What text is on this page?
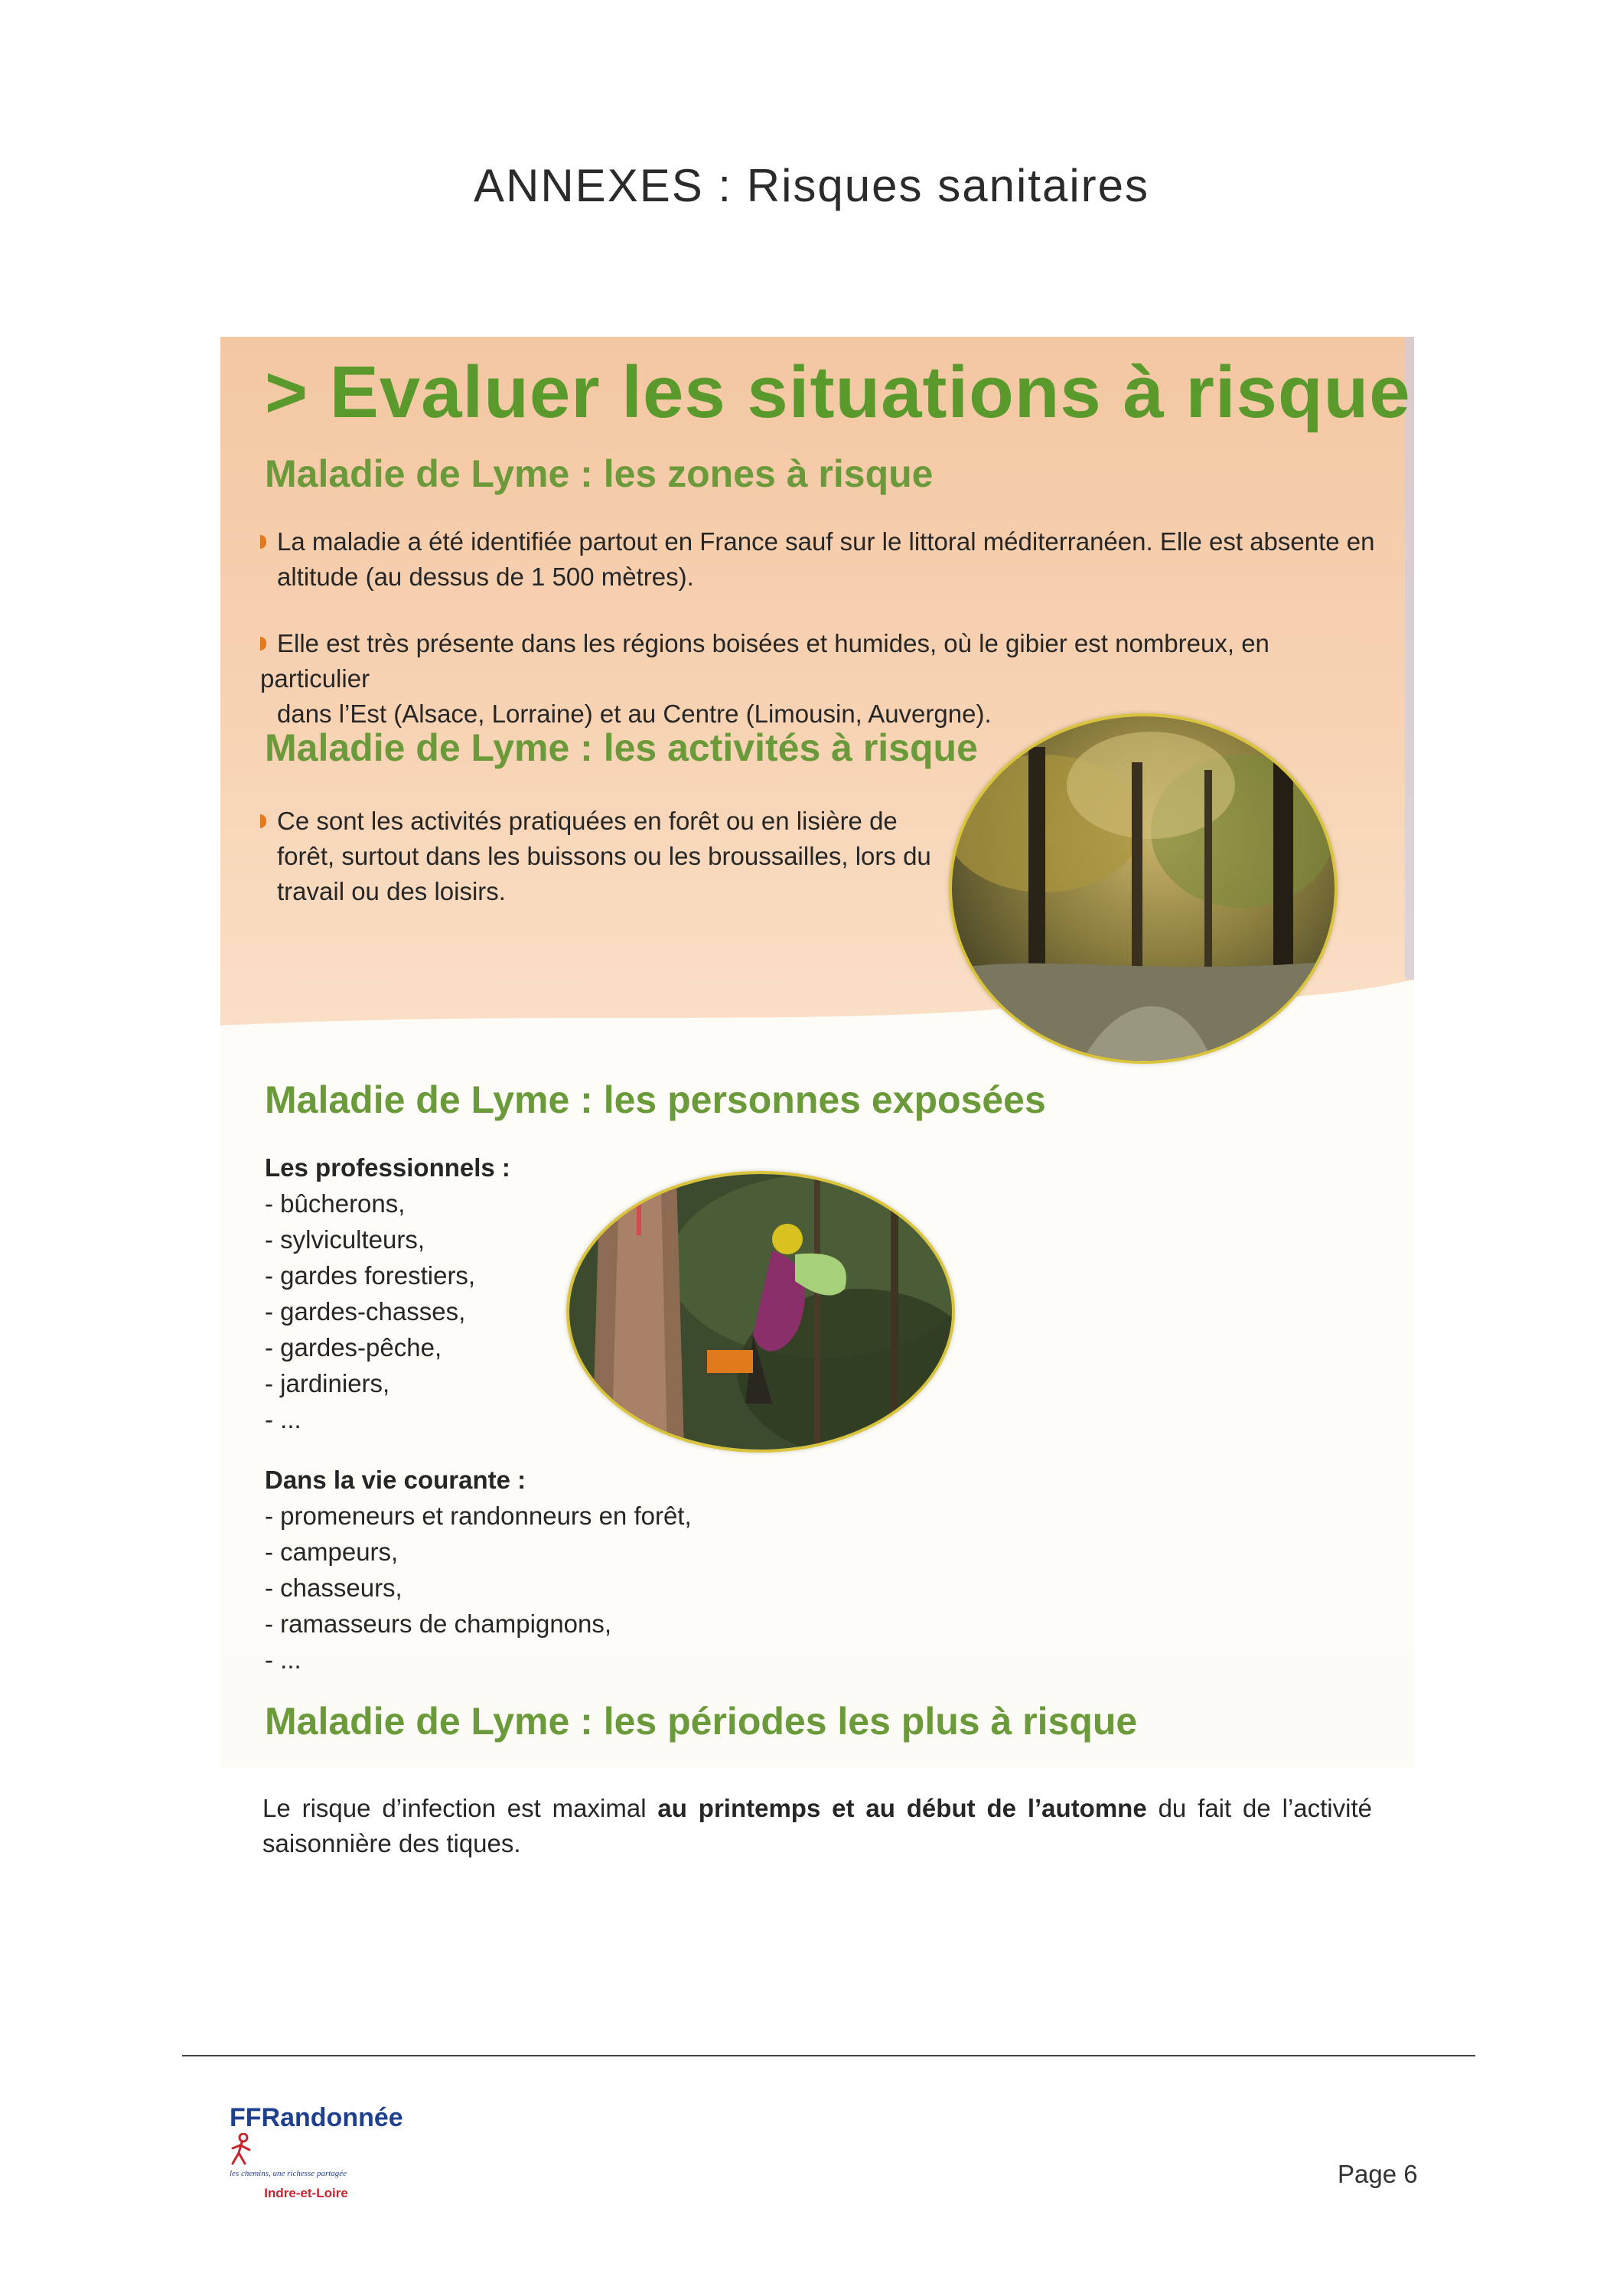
ANNEXES : Risques sanitaires
> Evaluer les situations à risque
Maladie de Lyme : les zones à risque
La maladie a été identifiée partout en France sauf sur le littoral méditerranéen. Elle est absente en
altitude (au dessus de 1 500 mètres).
Elle est très présente dans les régions boisées et humides, où le gibier est nombreux, en particulier
dans l’Est (Alsace, Lorraine) et au Centre (Limousin, Auvergne).
Maladie de Lyme : les activités à risque
Ce sont les activités pratiquées en forêt ou en lisière de
forêt, surtout dans les buissons ou les broussailles, lors du
travail ou des loisirs.
Maladie de Lyme : les personnes exposées
Les professionnels :
- bûcherons,
- sylviculteurs,
- gardes forestiers,
- gardes-chasses,
- gardes-pêche,
- jardiniers,
- ...
Dans la vie courante :
- promeneurs et randonneurs en forêt,
- campeurs,
- chasseurs,
- ramasseurs de champignons,
- ...
Maladie de Lyme : les périodes les plus à risque
Le risque d’infection est maximal au printemps et au début de l’automne du fait de l’activité saisonnière des tiques.
FFRandonnée
les chemins, une richesse partagée
Indre-et-Loire
Page 6
